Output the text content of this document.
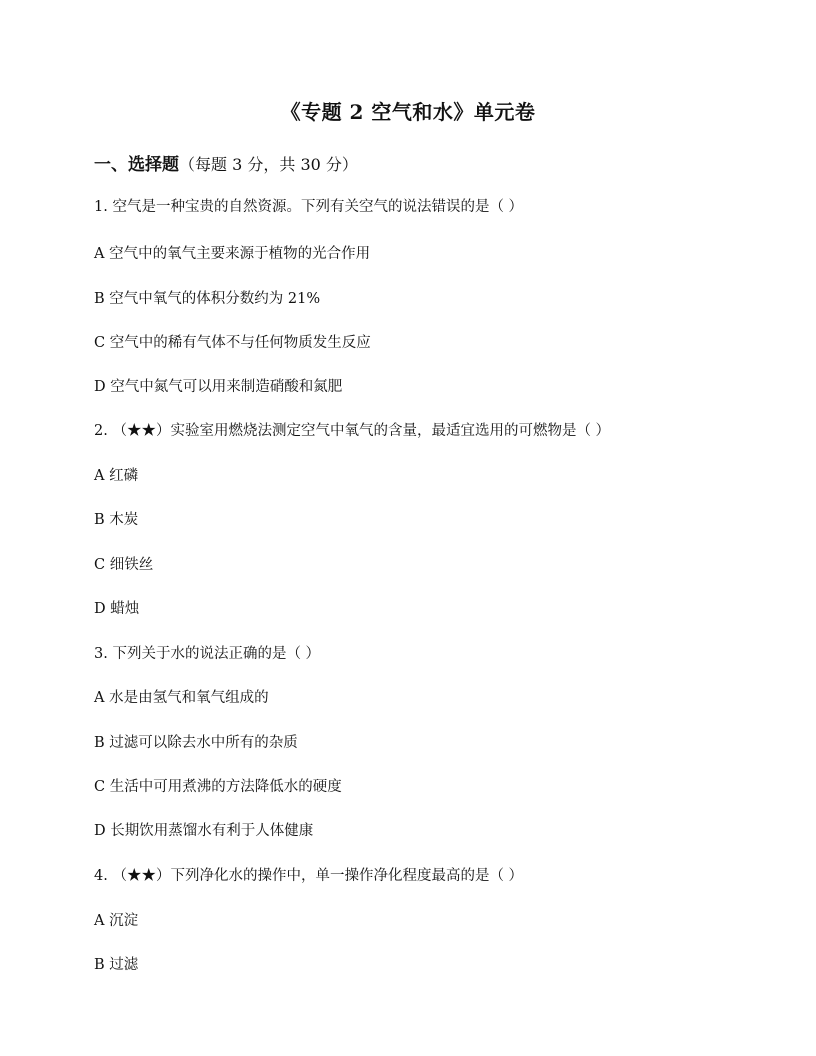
《专题 2 空气和水》单元卷
一、选择题（每题 3 分，共 30 分）
1. 空气是一种宝贵的自然资源。下列有关空气的说法错误的是（ ）
A 空气中的氧气主要来源于植物的光合作用
B 空气中氧气的体积分数约为 21%
C 空气中的稀有气体不与任何物质发生反应
D 空气中氮气可以用来制造硝酸和氮肥
2. （★★）实验室用燃烧法测定空气中氧气的含量，最适宜选用的可燃物是（ ）
A 红磷
B 木炭
C 细铁丝
D 蜡烛
3. 下列关于水的说法正确的是（ ）
A 水是由氢气和氧气组成的
B 过滤可以除去水中所有的杂质
C 生活中可用煮沸的方法降低水的硬度
D 长期饮用蒸馏水有利于人体健康
4. （★★）下列净化水的操作中，单一操作净化程度最高的是（ ）
A 沉淀
B 过滤
